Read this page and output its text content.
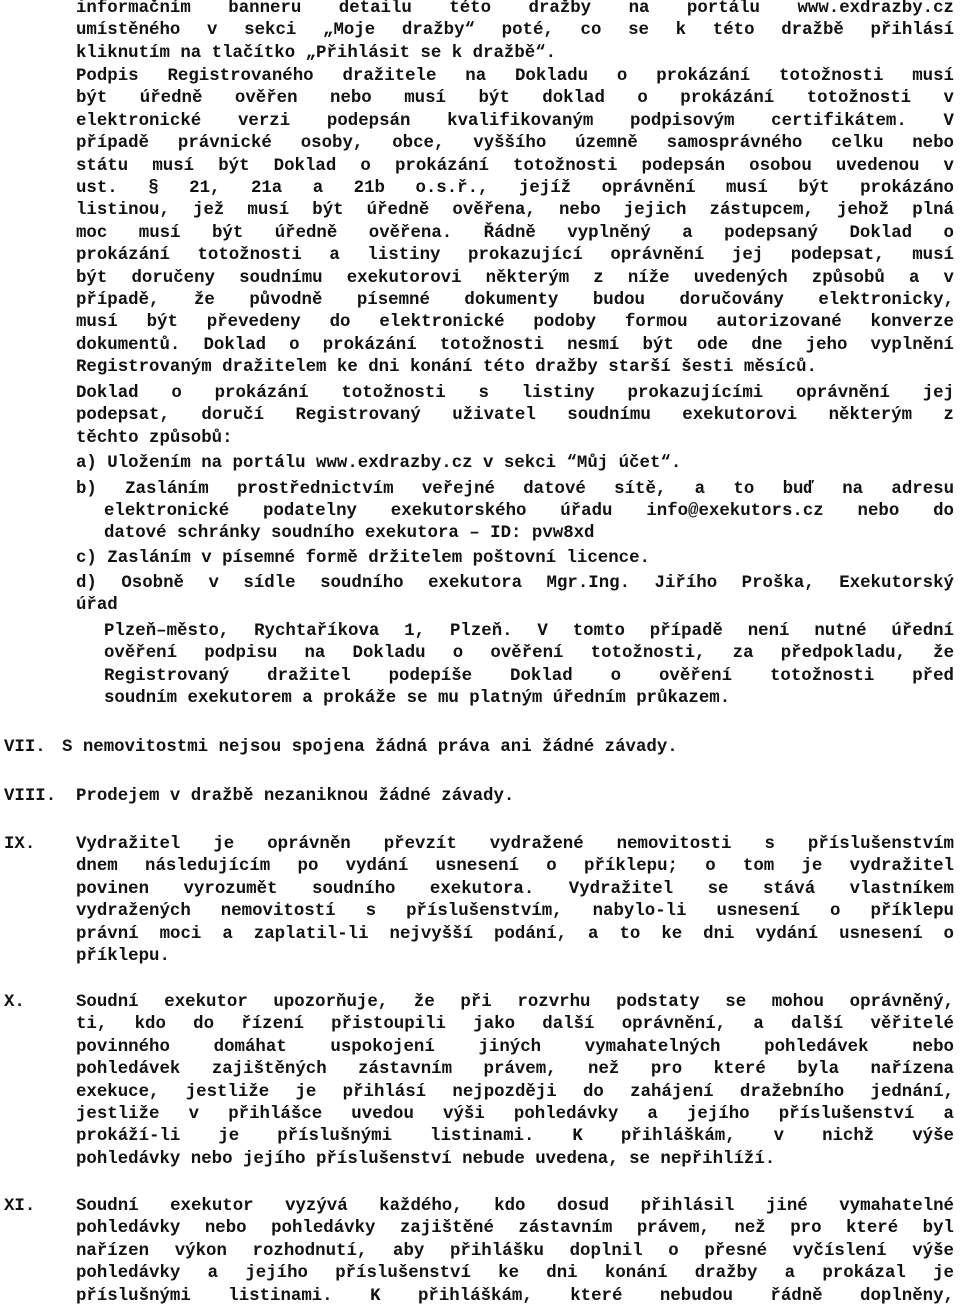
informačním banneru detailu této dražby na portálu www.exdrazby.cz
umístěného v sekci „Moje dražby“ poté, co se k této dražbě přihlásí
kliknutím na tlačítko „Přihlásit se k dražbě“.
Podpis Registrovaného dražitele na Dokladu o prokázání totožnosti musí
být úředně ověřen nebo musí být doklad o prokázání totožnosti v
elektronické verzi podepsán kvalifikovaným podpisovým certifikátem. V
případě právnické osoby, obce, vyššího územně samosprávného celku nebo
státu musí být Doklad o prokázání totožnosti podepsán osobou uvedenou v
ust. § 21, 21a a 21b o.s.ř., jejíž oprávnění musí být prokázáno
listinou, jež musí být úředně ověřena, nebo jejich zástupcem, jehož plná
moc musí být úředně ověřena. Řádně vyplněný a podepsaný Doklad o
prokázání totožnosti a listiny prokazující oprávnění jej podepsat, musí
být doručeny soudnímu exekutorovi některým z níže uvedených způsobů a v
případě, že původně písemné dokumenty budou doručovány elektronicky,
musí být převedeny do elektronické podoby formou autorizované konverze
dokumentů. Doklad o prokázání totožnosti nesmí být ode dne jeho vyplnění
Registrovaným dražitelem ke dni konání této dražby starší šesti měsíců.
Doklad o prokázání totožnosti s listiny prokazujícími oprávnění jej
podepsat, doručí Registrovaný uživatel soudnímu exekutorovi některým z
těchto způsobů:
a) Uložením na portálu www.exdrazby.cz v sekci “Můj účet“.
b) Zasláním prostřednictvím veřejné datové sítě, a to buď na adresu
elektronické podatelny exekutorského úřadu info@exekutors.cz nebo do
datové schránky soudního exekutora – ID: pvw8xd
c) Zasláním v písemné formě držitelem poštovní licence.
d) Osobně v sídle soudního exekutora Mgr.Ing. Jiřího Proška, Exekutorský
úřad
Plzeň–město, Rychtaříkova 1, Plzeň. V tomto případě není nutné úřední
ověření podpisu na Dokladu o ověření totožnosti, za předpokladu, že
Registrovaný dražitel podepíše Doklad o ověření totožnosti před
soudním exekutorem a prokáže se mu platným úředním průkazem.
VII. S nemovitostmi nejsou spojena žádná práva ani žádné závady.
VIII. Prodejem v dražbě nezaniknou žádné závady.
IX. Vydražitel je oprávněn převzít vydražené nemovitosti s příslušenstvím
dnem následujícím po vydání usnesení o příklepu; o tom je vydražitel
povinen vyrozumět soudního exekutora. Vydražitel se stává vlastníkem
vydražených nemovitostí s příslušenstvím, nabylo-li usnesení o příklepu
právní moci a zaplatil-li nejvyšší podání, a to ke dni vydání usnesení o
příklepu.
X.	Soudní exekutor upozorňuje, že při rozvrhu podstaty se mohou oprávněný,
ti, kdo do řízení přistoupili jako další oprávnění, a další věřitelé
povinného domáhat uspokojení jiných vymahatelných pohledávek nebo
pohledávek zajištěných zástavním právem, než pro které byla nařízena
exekuce, jestliže je přihlásí nejpozději do zahájení dražebního jednání,
jestliže v přihlášce uvedou výši pohledávky a jejího příslušenství a
prokáží-li je příslušnými listinami. K přihláškám, v nichž výše
pohledávky nebo jejího příslušenství nebude uvedena, se nepřihlíží.
XI. Soudní exekutor vyzývá každého, kdo dosud přihlásil jiné vymahatelné
pohledávky nebo pohledávky zajištěné zástavním právem, než pro které byl
nařízen výkon rozhodnutí, aby přihlášku doplnil o přesné vyčíslení výše
pohledávky a jejího příslušenství ke dni konání dražby a prokázal je
příslušnými listinami. K přihláškám, které nebudou řádně doplněny,
